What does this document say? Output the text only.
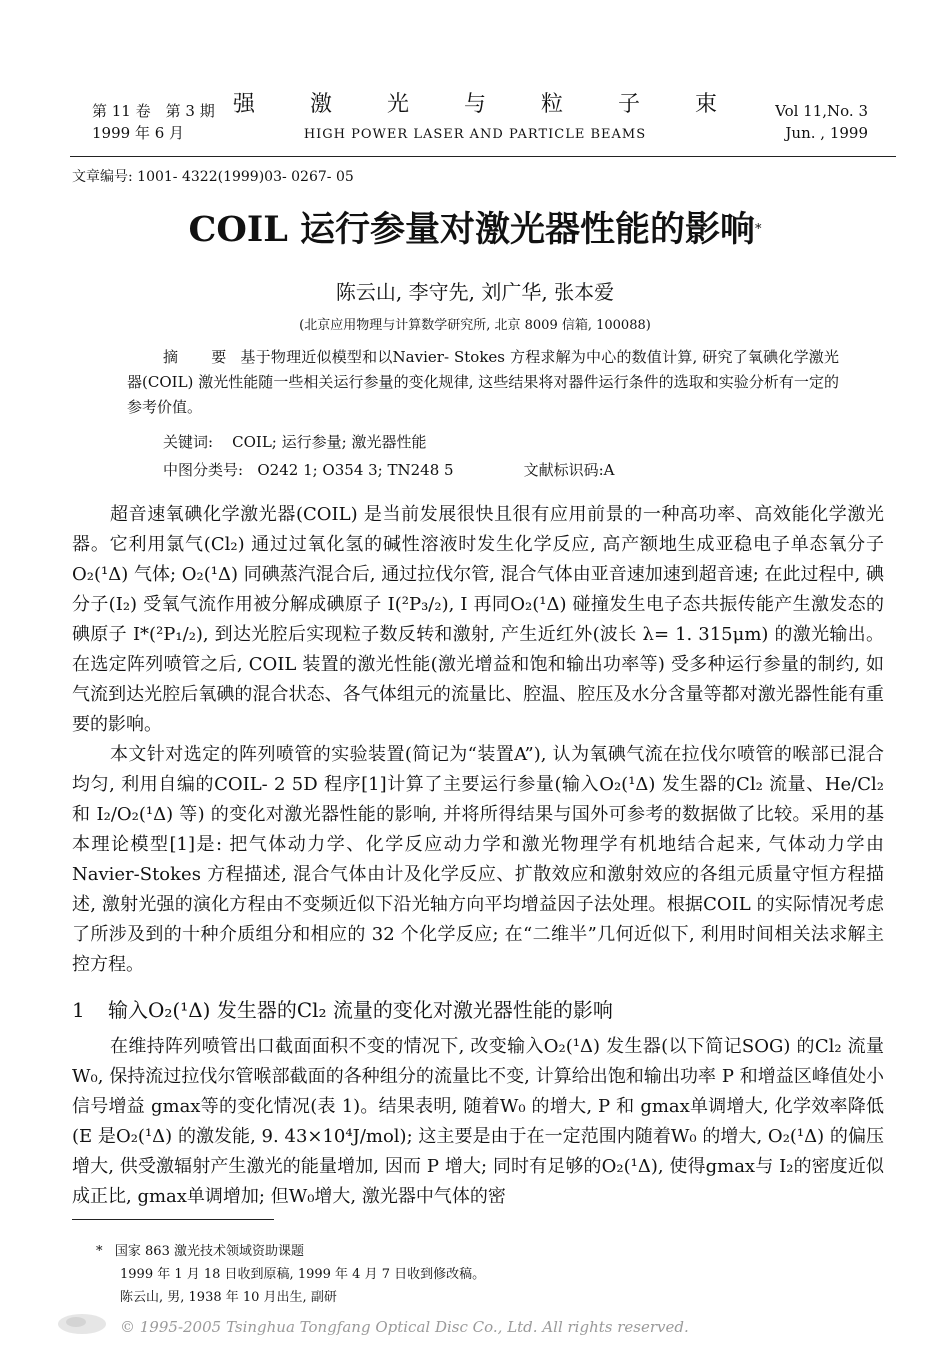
第 11 卷　第 3 期
1999 年 6 月
强 激 光 与 粒 子 束
HIGH POWER LASER AND PARTICLE BEAMS
Vol 11,No. 3
Jun. , 1999
文章编号: 1001- 4322(1999)03- 0267- 05
COIL 运行参量对激光器性能的影响*
陈云山, 李守先, 刘广华, 张本爱
(北京应用物理与计算数学研究所, 北京 8009 信箱, 100088)
摘 要基于物理近似模型和以Navier- Stokes 方程求解为中心的数值计算, 研究了氧碘化学激光器(COIL) 激光性能随一些相关运行参量的变化规律, 这些结果将对器件运行条件的选取和实验分析有一定的参考价值。
关键词: COIL; 运行参量; 激光器性能
中图分类号: O242 1; O354 3; TN248 5	文献标识码:A

超音速氧碘化学激光器(COIL) 是当前发展很快且很有应用前景的一种高功率、高效能化学激光器。它利用氯气(Cl₂) 通过过氧化氢的碱性溶液时发生化学反应, 高产额地生成亚稳电子单态氧分子O₂(¹Δ) 气体; O₂(¹Δ) 同碘蒸汽混合后, 通过拉伐尔管, 混合气体由亚音速加速到超音速; 在此过程中, 碘分子(I₂) 受氧气流作用被分解成碘原子 I(²P₃/₂), I 再同O₂(¹Δ) 碰撞发生电子态共振传能产生激发态的碘原子 I*(²P₁/₂), 到达光腔后实现粒子数反转和激射, 产生近红外(波长 λ= 1. 315μm) 的激光输出。在选定阵列喷管之后, COIL 装置的激光性能(激光增益和饱和输出功率等) 受多种运行参量的制约, 如气流到达光腔后氧碘的混合状态、各气体组元的流量比、腔温、腔压及水分含量等都对激光器性能有重要的影响。

本文针对选定的阵列喷管的实验装置(简记为“装置A”), 认为氧碘气流在拉伐尔喷管的喉部已混合均匀, 利用自编的COIL- 2 5D 程序[1]计算了主要运行参量(输入O₂(¹Δ) 发生器的Cl₂ 流量、He/Cl₂ 和 I₂/O₂(¹Δ) 等) 的变化对激光器性能的影响, 并将所得结果与国外可参考的数据做了比较。采用的基本理论模型[1]是: 把气体动力学、化学反应动力学和激光物理学有机地结合起来, 气体动力学由Navier-Stokes 方程描述, 混合气体由计及化学反应、扩散效应和激射效应的各组元质量守恒方程描述, 激射光强的演化方程由不变频近似下沿光轴方向平均增益因子法处理。根据COIL 的实际情况考虑了所涉及到的十种介质组分和相应的 32 个化学反应; 在“二维半”几何近似下, 利用时间相关法求解主控方程。

1 输入O₂(¹Δ) 发生器的Cl₂ 流量的变化对激光器性能的影响

在维持阵列喷管出口截面面积不变的情况下, 改变输入O₂(¹Δ) 发生器(以下简记SOG) 的Cl₂ 流量W₀, 保持流过拉伐尔管喉部截面的各种组分的流量比不变, 计算给出饱和输出功率 P 和增益区峰值处小信号增益 gmax等的变化情况(表 1)。结果表明, 随着W₀ 的增大, P 和 gmax单调增大, 化学效率降低(E 是O₂(¹Δ) 的激发能, 9. 43×10⁴J/mol); 这主要是由于在一定范围内随着W₀ 的增大, O₂(¹Δ) 的偏压增大, 供受激辐射产生激光的能量增加, 因而 P 增大; 同时有足够的O₂(¹Δ), 使得gmax与 I₂的密度近似成正比, gmax单调增加; 但W₀增大, 激光器中气体的密

* 国家 863 激光技术领域资助课题
1999 年 1 月 18 日收到原稿, 1999 年 4 月 7 日收到修改稿。
陈云山, 男, 1938 年 10 月出生, 副研
© 1995-2005 Tsinghua Tongfang Optical Disc Co., Ltd. All rights reserved.
